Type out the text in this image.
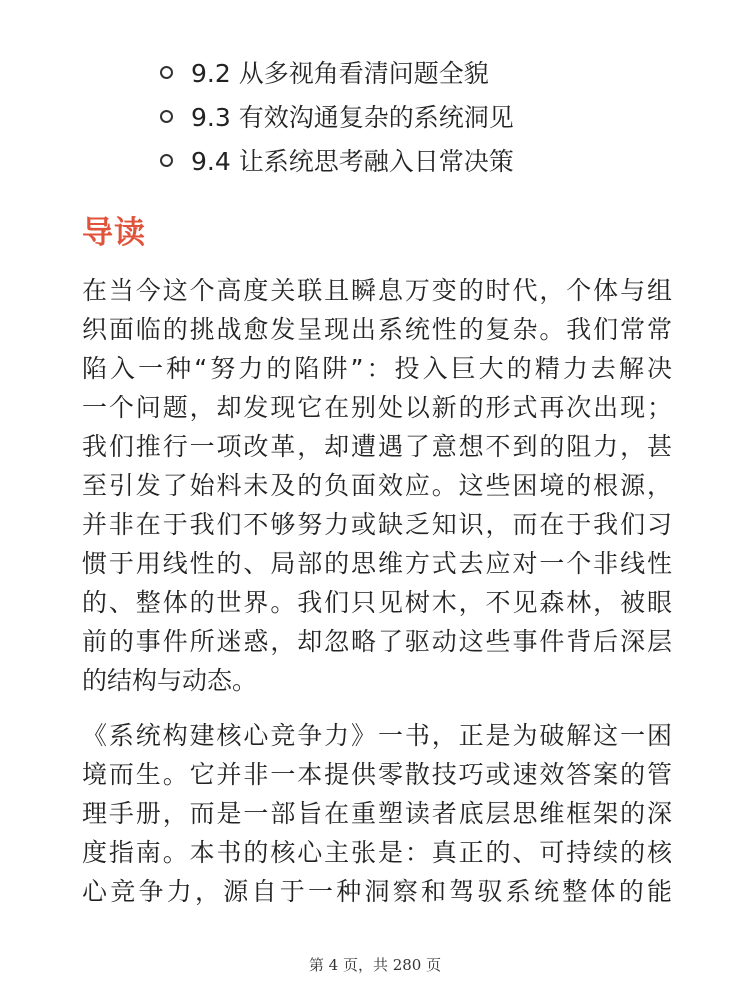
9.2 从多视角看清问题全貌
9.3 有效沟通复杂的系统洞见
9.4 让系统思考融入日常决策
导读
在当今这个高度关联且瞬息万变的时代，个体与组
织面临的挑战愈发呈现出系统性的复杂。我们常常
陷入一种“努力的陷阱”：投入巨大的精力去解决
一个问题，却发现它在别处以新的形式再次出现；
我们推行一项改革，却遭遇了意想不到的阻力，甚
至引发了始料未及的负面效应。这些困境的根源，
并非在于我们不够努力或缺乏知识，而在于我们习
惯于用线性的、局部的思维方式去应对一个非线性
的、整体的世界。我们只见树木，不见森林，被眼
前的事件所迷惑，却忽略了驱动这些事件背后深层
的结构与动态。
《系统构建核心竞争力》一书，正是为破解这一困
境而生。它并非一本提供零散技巧或速效答案的管
理手册，而是一部旨在重塑读者底层思维框架的深
度指南。本书的核心主张是：真正的、可持续的核
心竞争力，源自于一种洞察和驾驭系统整体的能
第 4 页，共 280 页
